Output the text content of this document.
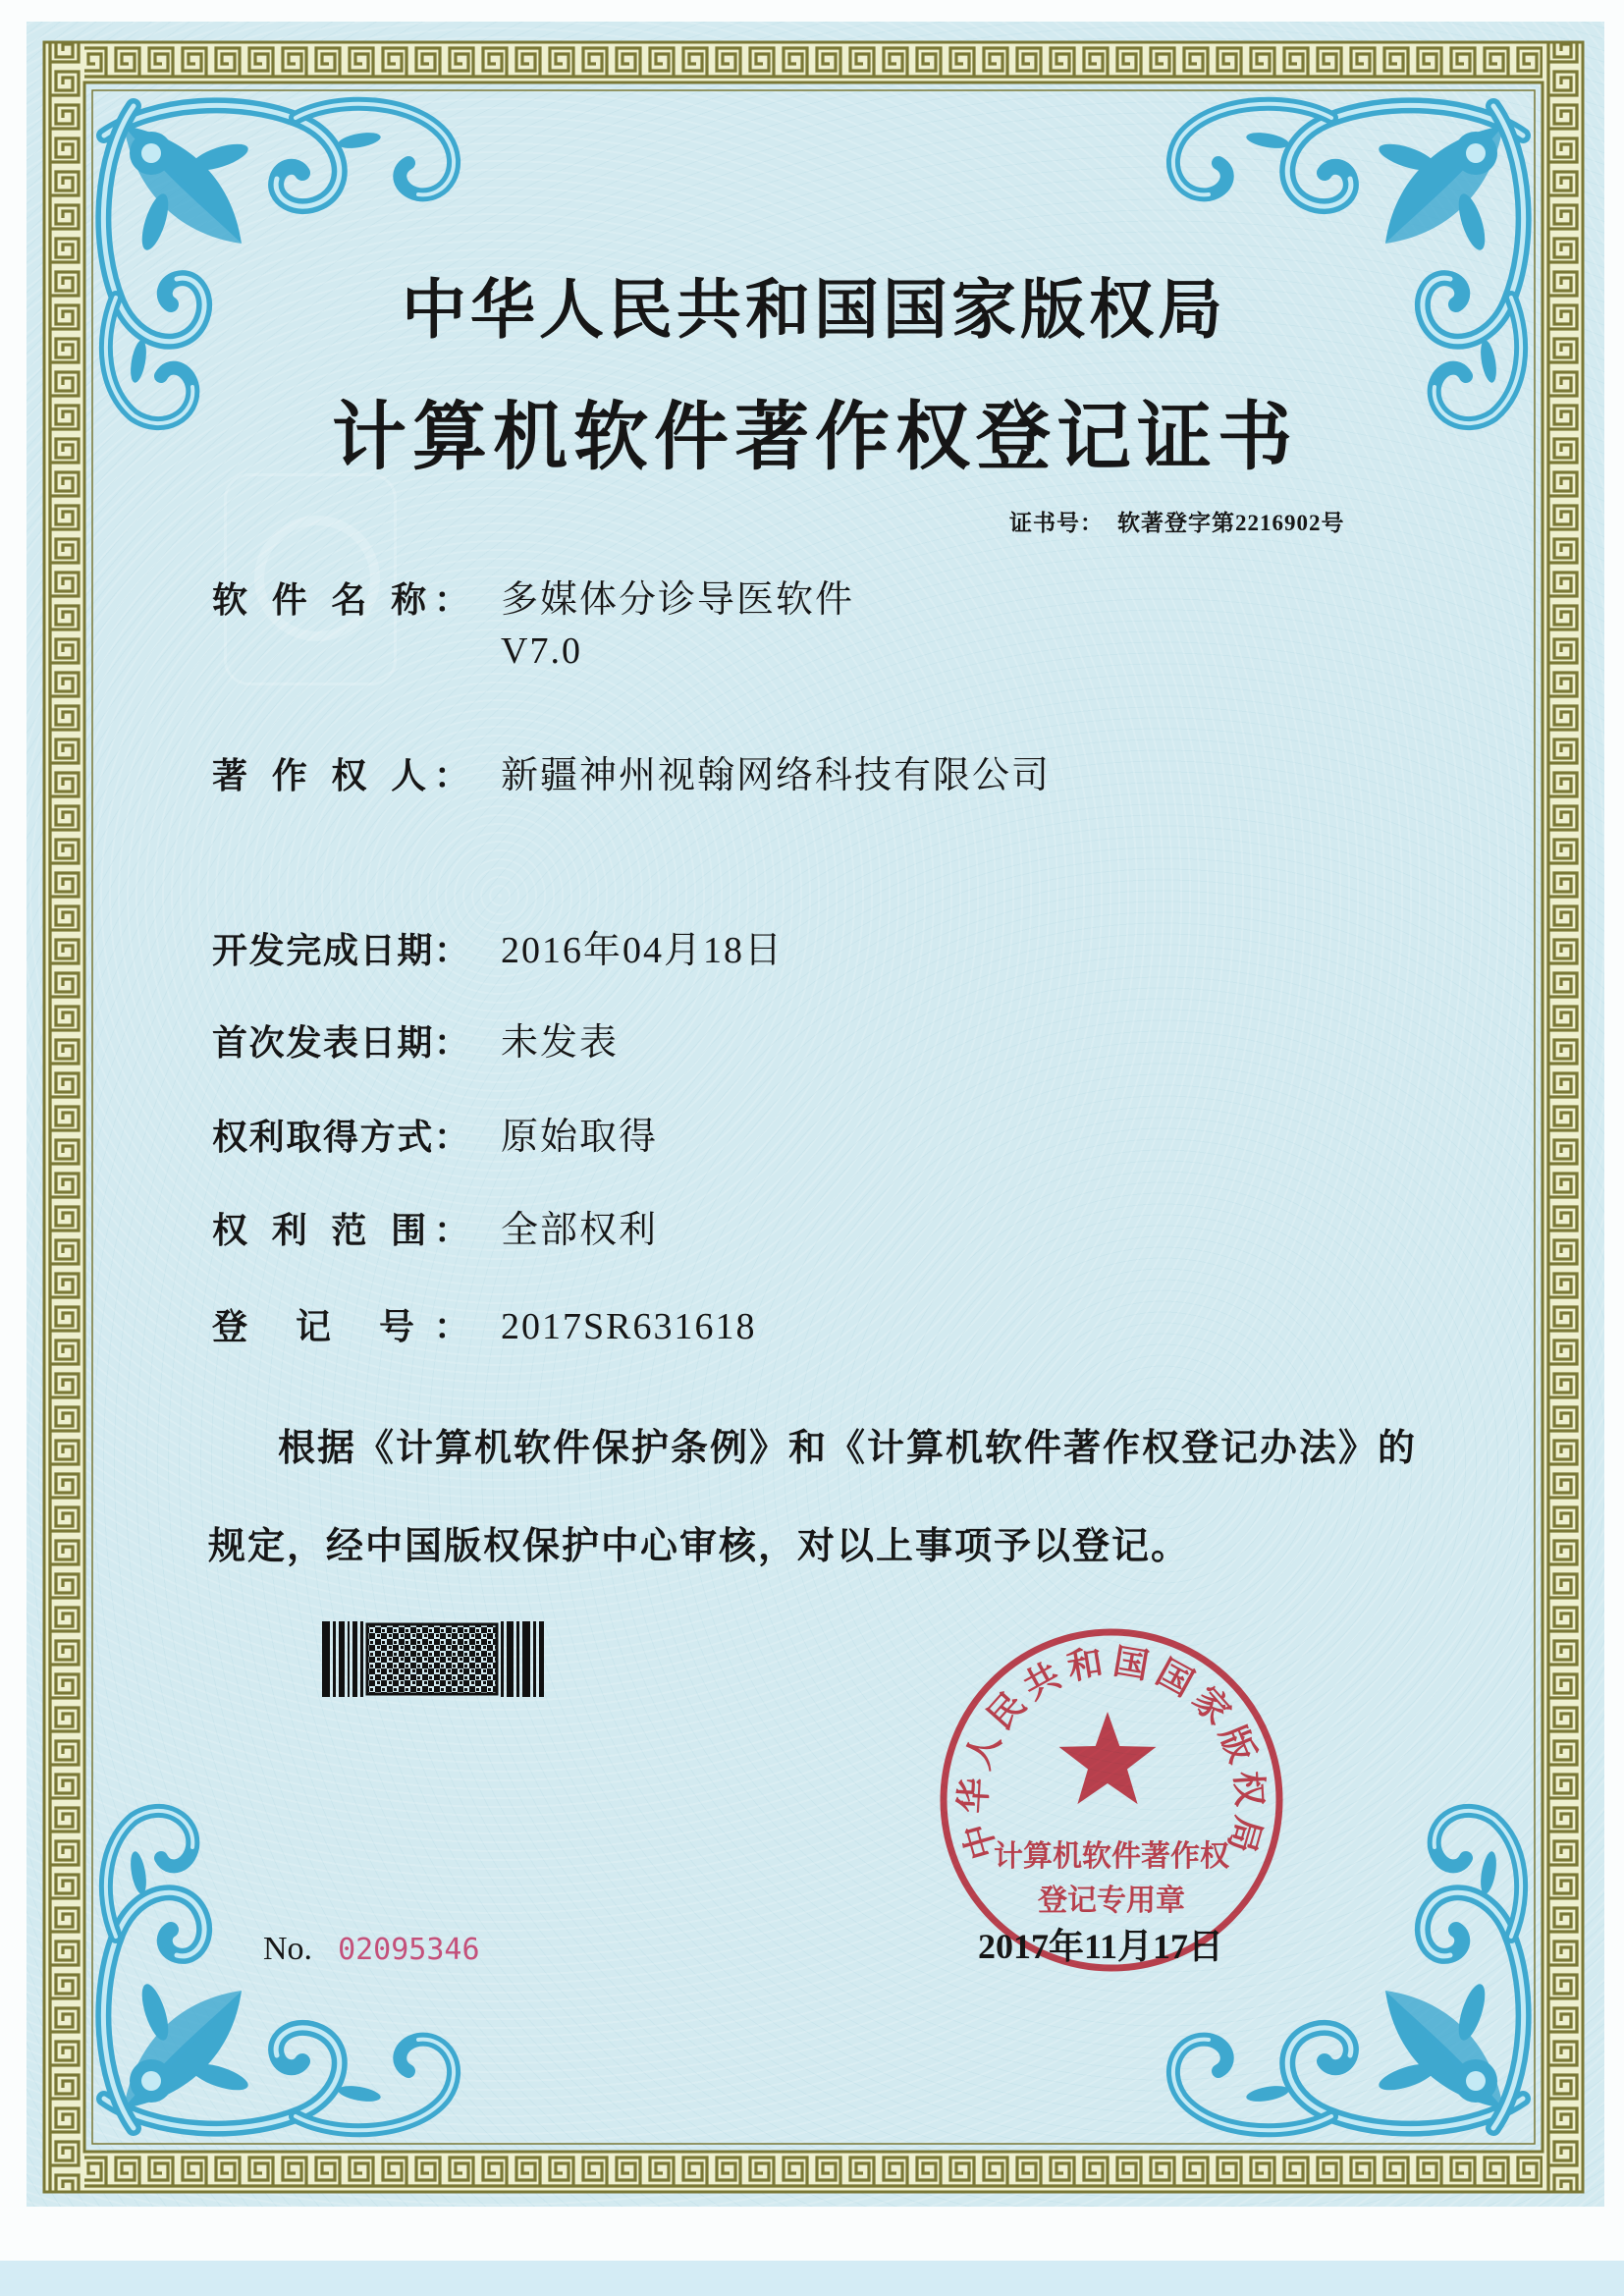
中华人民共和国国家版权局
计算机软件著作权登记证书
证书号： 软著登字第2216902号
软 件 名 称： 多媒体分诊导医软件
V7.0
著 作 权 人： 新疆神州视翰网络科技有限公司
开发完成日期： 2016年04月18日
首次发表日期： 未发表
权利取得方式： 原始取得
权 利 范 围： 全部权利
登 记 号： 2017SR631618
根据《计算机软件保护条例》和《计算机软件著作权登记办法》的
规定，经中国版权保护中心审核，对以上事项予以登记。
中华人民共和国国家版权局
计算机软件著作权
登记专用章
No. 02095346	2017年11月17日
